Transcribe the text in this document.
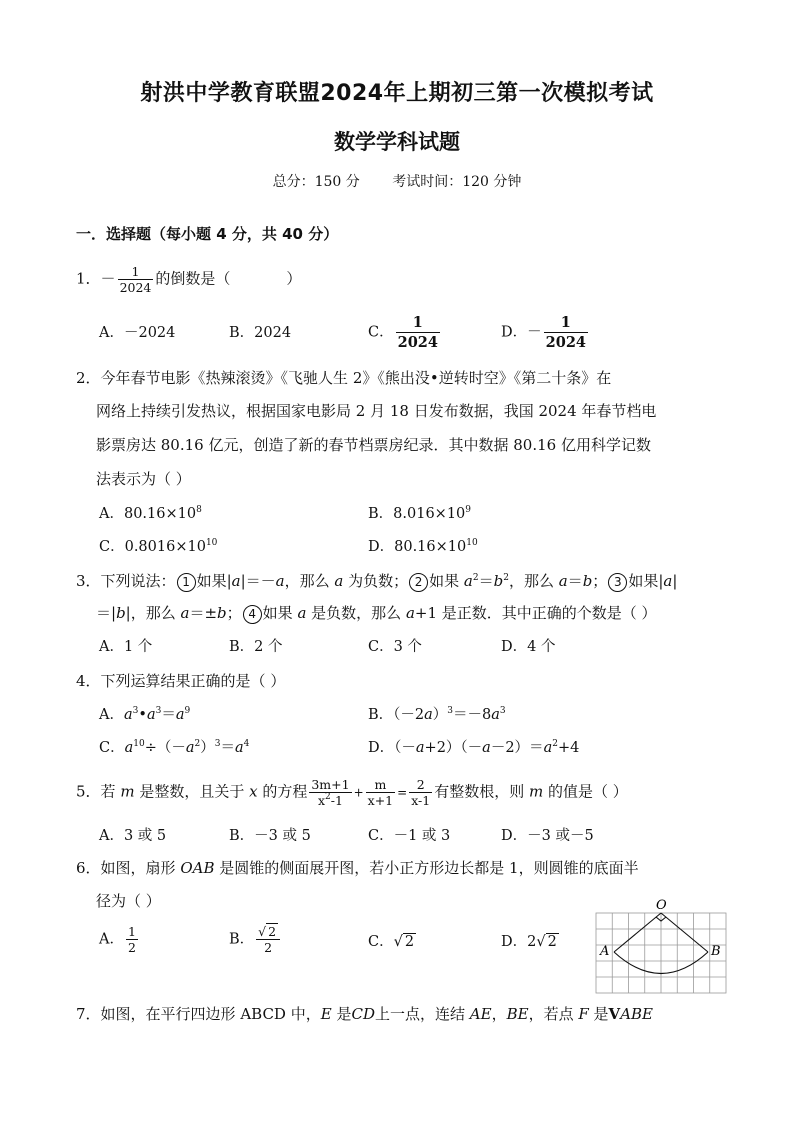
射洪中学教育联盟2024年上期初三第一次模拟考试
数学学科试题
总分：150 分 考试时间：120 分钟
一．选择题（每小题 4 分，共 40 分）
1．－ $\frac{1}{2024}$ 的倒数是（	）
A．－2024	B．2024	C． $\frac{1}{2024}$	D．－ $\frac{1}{2024}$
2．今年春节电影《热辣滚烫》《飞驰人生 2》《熊出没•逆转时空》《第二十条》在
网络上持续引发热议，根据国家电影局 2 月 18 日发布数据，我国 2024 年春节档电
影票房达 80.16 亿元，创造了新的春节档票房纪录．其中数据 80.16 亿用科学记数
法表示为（ ）
A．$80.16\times 10^8$	B．$8.016\times 10^9$
C．$0.8016\times 10^{10}$	D．$80.16\times 10^{10}$
3．下列说法： 1 如果|a|＝－a，那么 a 为负数； 2 如果 $a^2=b^2$，那么 a＝b； 3 如果|a|
＝|b|，那么 a＝±b； 4 如果 a 是负数，那么 a+1 是正数．其中正确的个数是（ ）
A．1 个	B．2 个	C．3 个	D．4 个
4．下列运算结果正确的是（ ）
A．$a^3•a^3=a^9$	B．$(-2a)^3=-8a^3$
C．$a^{10}\div(-a^2)^3=a^4$	D．$(-a+2)(-a-2)=a^2+4$
5．若 m 是整数，且关于 x 的方程 $\frac{3m+1}{x^2-1} + \frac{m}{x+1} = \frac{2}{x-1}$ 有整数根，则 m 的值是（ ）
A．3 或 5	B．－3 或 5	C．－1 或 3	D．－3 或－5
6．如图，扇形 OAB 是圆锥的侧面展开图，若小正方形边长都是 1，则圆锥的底面半
径为（ ）
A． $\frac{1}{2}$	B． $\frac{√ 2}{2}$	C．√ 2	D．2√ 2
O
A	B
7．如图，在平行四边形 ABCD 中，E 是CD上一点，连结 AE，BE，若点 F 是VABE
